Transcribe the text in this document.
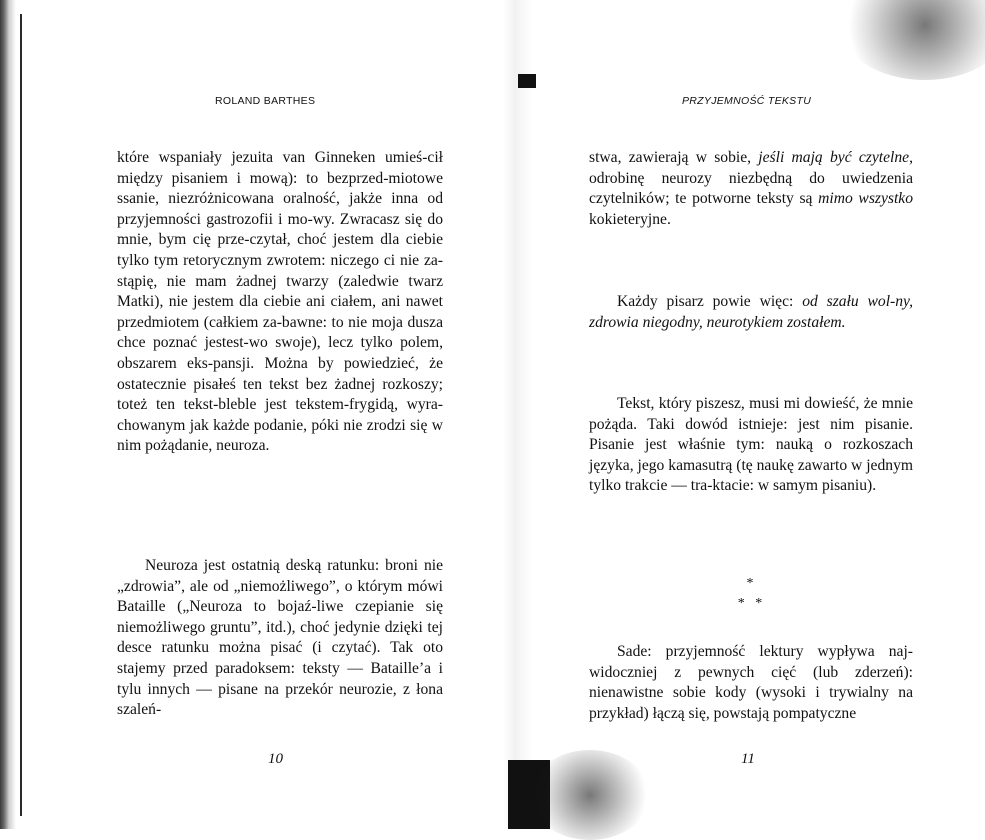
ROLAND BARTHES

które wspaniały jezuita van Ginneken umieś-cił między pisaniem i mową): to bezprzed-miotowe ssanie, niezróżnicowana oralność, jakże inna od przyjemności gastrozofii i mo-wy. Zwracasz się do mnie, bym cię prze-czytał, choć jestem dla ciebie tylko tym retorycznym zwrotem: niczego ci nie za-stąpię, nie mam żadnej twarzy (zaledwie twarz Matki), nie jestem dla ciebie ani ciałem, ani nawet przedmiotem (całkiem za-bawne: to nie moja dusza chce poznać jestest-wo swoje), lecz tylko polem, obszarem eks-pansji. Można by powiedzieć, że ostatecznie pisałeś ten tekst bez żadnej rozkoszy; toteż ten tekst-bleble jest tekstem-frygidą, wyra-chowanym jak każde podanie, póki nie zrodzi się w nim pożądanie, neuroza.

Neuroza jest ostatnią deską ratunku: broni nie „zdrowia”, ale od „niemożliwego”, o którym mówi Bataille („Neuroza to bojaź-liwe czepianie się niemożliwego gruntu”, itd.), choć jedynie dzięki tej desce ratunku można pisać (i czytać). Tak oto stajemy przed paradoksem: teksty — Bataille’a i tylu innych — pisane na przekór neurozie, z łona szaleń-

10
PRZYJEMNOŚĆ TEKSTU

stwa, zawierają w sobie, jeśli mają być czytelne, odrobinę neurozy niezbędną do uwiedzenia czytelników; te potworne teksty są mimo wszystko kokieteryjne.

Każdy pisarz powie więc: od szału wol-ny, zdrowia niegodny, neurotykiem zostałem.

Tekst, który piszesz, musi mi dowieść, że mnie pożąda. Taki dowód istnieje: jest nim pisanie. Pisanie jest właśnie tym: nauką o rozkoszach języka, jego kamasutrą (tę naukę zawarto w jednym tylko trakcie — tra-ktacie: w samym pisaniu).

Sade: przyjemność lektury wypływa naj-widoczniej z pewnych cięć (lub zderzeń): nienawistne sobie kody (wysoki i trywialny na przykład) łączą się, powstają pompatyczne

*
*   *
11
